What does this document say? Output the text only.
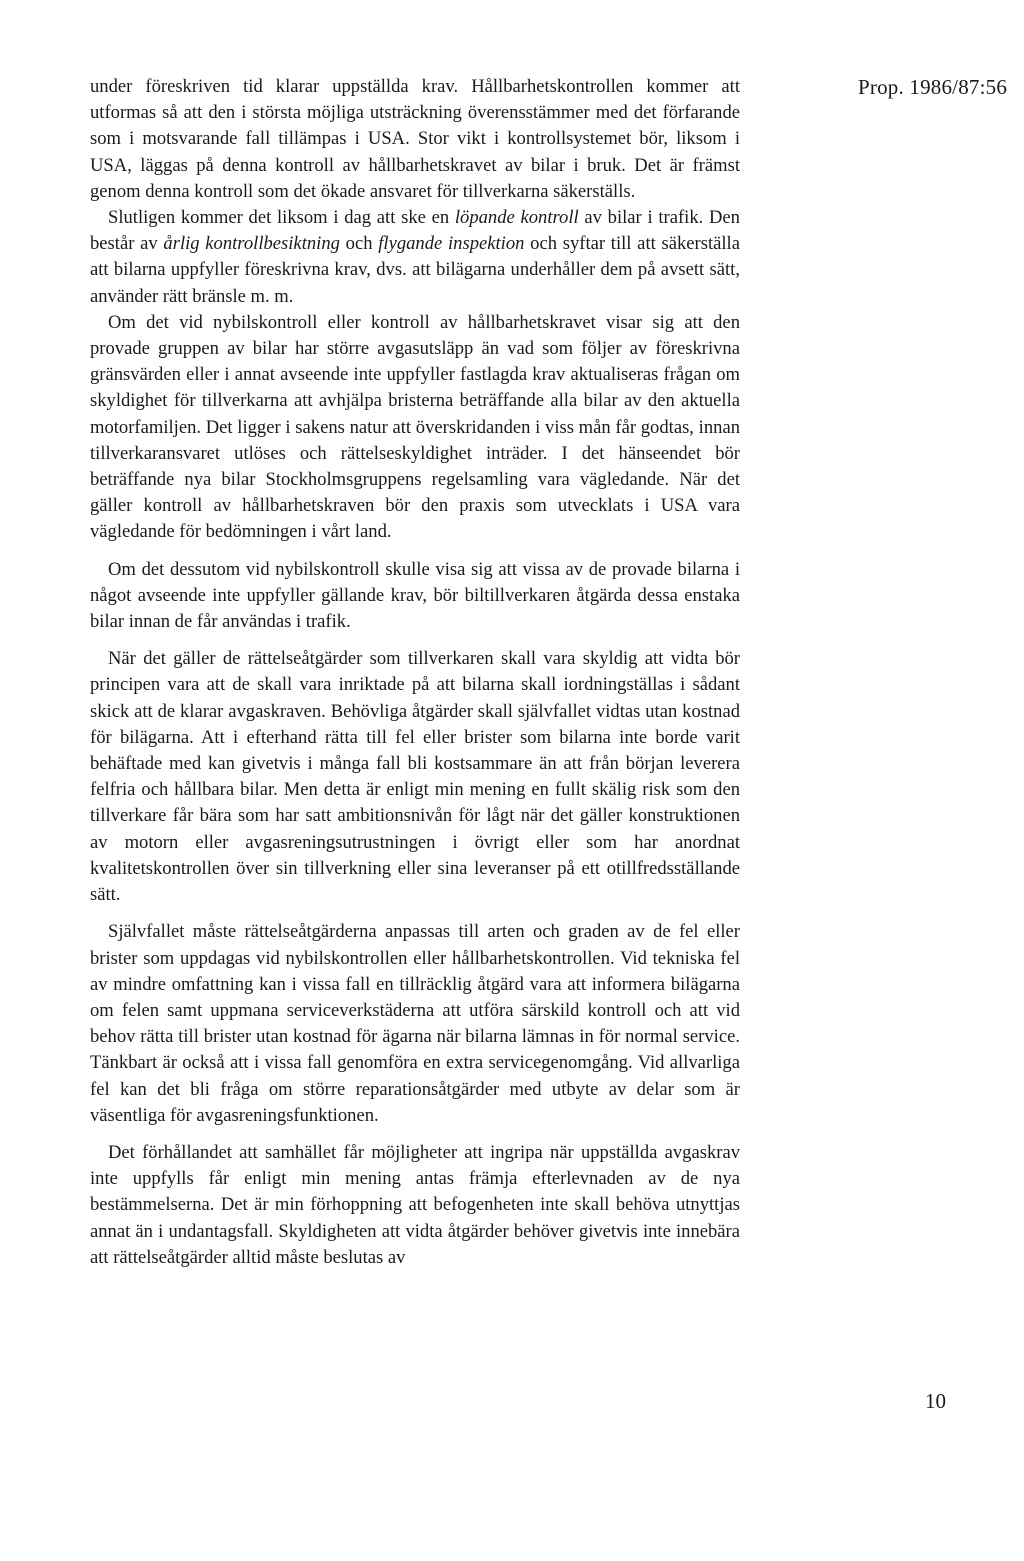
Prop. 1986/87:56

under föreskriven tid klarar uppställda krav. Hållbarhetskontrollen kommer att utformas så att den i största möjliga utsträckning överensstämmer med det förfarande som i motsvarande fall tillämpas i USA. Stor vikt i kontrollsystemet bör, liksom i USA, läggas på denna kontroll av hållbarhetskravet av bilar i bruk. Det är främst genom denna kontroll som det ökade ansvaret för tillverkarna säkerställs.

Slutligen kommer det liksom i dag att ske en löpande kontroll av bilar i trafik. Den består av årlig kontrollbesiktning och flygande inspektion och syftar till att säkerställa att bilarna uppfyller föreskrivna krav, dvs. att bilägarna underhåller dem på avsett sätt, använder rätt bränsle m. m.

Om det vid nybilskontroll eller kontroll av hållbarhetskravet visar sig att den provade gruppen av bilar har större avgasutsläpp än vad som följer av föreskrivna gränsvärden eller i annat avseende inte uppfyller fastlagda krav aktualiseras frågan om skyldighet för tillverkarna att avhjälpa bristerna beträffande alla bilar av den aktuella motorfamiljen. Det ligger i sakens natur att överskridanden i viss mån får godtas, innan tillverkaransvaret utlöses och rättelseskyldighet inträder. I det hänseendet bör beträffande nya bilar Stockholmsgruppens regelsamling vara vägledande. När det gäller kontroll av hållbarhetskraven bör den praxis som utvecklats i USA vara vägledande för bedömningen i vårt land.

Om det dessutom vid nybilskontroll skulle visa sig att vissa av de provade bilarna i något avseende inte uppfyller gällande krav, bör biltillverkaren åtgärda dessa enstaka bilar innan de får användas i trafik.

När det gäller de rättelseåtgärder som tillverkaren skall vara skyldig att vidta bör principen vara att de skall vara inriktade på att bilarna skall iordningställas i sådant skick att de klarar avgaskraven. Behövliga åtgärder skall självfallet vidtas utan kostnad för bilägarna. Att i efterhand rätta till fel eller brister som bilarna inte borde varit behäftade med kan givetvis i många fall bli kostsammare än att från början leverera felfria och hållbara bilar. Men detta är enligt min mening en fullt skälig risk som den tillverkare får bära som har satt ambitionsnivån för lågt när det gäller konstruktionen av motorn eller avgasreningsutrustningen i övrigt eller som har anordnat kvalitetskontrollen över sin tillverkning eller sina leveranser på ett otillfredsställande sätt.

Självfallet måste rättelseåtgärderna anpassas till arten och graden av de fel eller brister som uppdagas vid nybilskontrollen eller hållbarhetskontrollen. Vid tekniska fel av mindre omfattning kan i vissa fall en tillräcklig åtgärd vara att informera bilägarna om felen samt uppmana serviceverkstäderna att utföra särskild kontroll och att vid behov rätta till brister utan kostnad för ägarna när bilarna lämnas in för normal service. Tänkbart är också att i vissa fall genomföra en extra servicegenomgång. Vid allvarliga fel kan det bli fråga om större reparationsåtgärder med utbyte av delar som är väsentliga för avgasreningsfunktionen.

Det förhållandet att samhället får möjligheter att ingripa när uppställda avgaskrav inte uppfylls får enligt min mening antas främja efterlevnaden av de nya bestämmelserna. Det är min förhoppning att befogenheten inte skall behöva utnyttjas annat än i undantagsfall. Skyldigheten att vidta åtgärder behöver givetvis inte innebära att rättelseåtgärder alltid måste beslutas av

10
